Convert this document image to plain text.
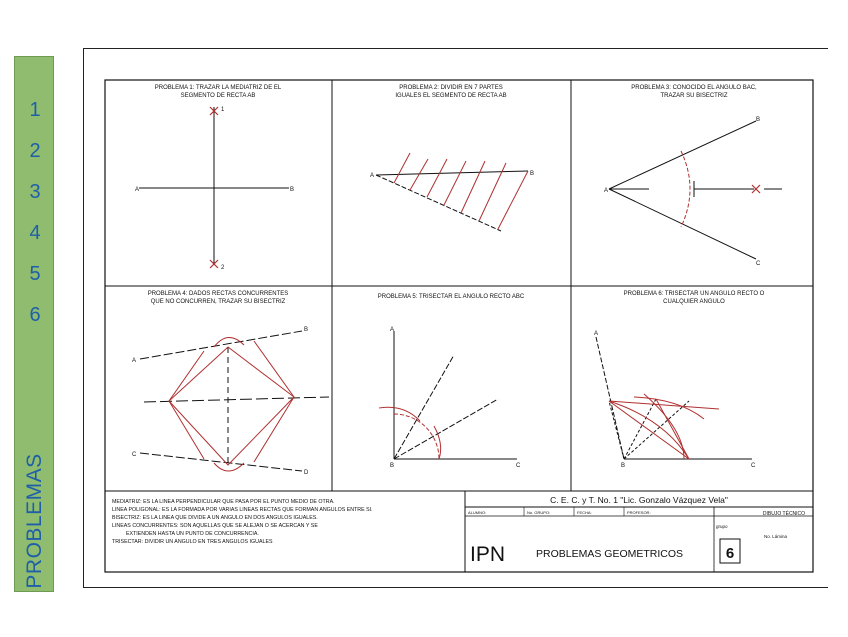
1
2
3
4
5
6
PROBLEMAS
PROBLEMA 1: TRAZAR LA MEDIATRIZ DE EL
SEGMENTO DE RECTA AB
A	B
1
2
PROBLEMA 2: DIVIDIR EN 7 PARTES
IGUALES EL SEGMENTO DE RECTA AB
A	B
PROBLEMA 3: CONOCIDO EL ANGULO BAC,
TRAZAR SU BISECTRIZ
A
B
C
PROBLEMA 4: DADOS RECTAS CONCURRENTES
QUE NO CONCURREN, TRAZAR SU BISECTRIZ
A
B
C
D
PROBLEMA 5: TRISECTAR EL ANGULO RECTO ABC
A
B	C
PROBLEMA 6: TRISECTAR UN ANGULO RECTO O
CUALQUIER ANGULO
A
B	C
MEDIATRIZ: ES LA LINEA PERPENDICULAR QUE PASA POR EL PUNTO MEDIO DE OTRA.
LINEA POLIGONAL: ES LA FORMADA POR VARIAS LINEAS RECTAS QUE FORMAN ANGULOS ENTRE SI.
BISECTRIZ: ES LA LINEA QUE DIVIDE A UN ANGULO EN DOS ANGULOS IGUALES.
LINEAS CONCURRENTES: SON AQUELLAS QUE SE ALEJAN O SE ACERCAN Y SE
EXTIENDEN HASTA UN PUNTO DE CONCURRENCIA.
TRISECTAR: DIVIDIR UN ANGULO EN TRES ANGULOS IGUALES
C. E. C. y T. No. 1 "Lic. Gonzalo Vázquez Vela"
ALUMNO:	No. GRUPO:	FECHA:	PROFESOR:	DIBUJO TÉCNICO
IPN	PROBLEMAS GEOMETRICOS	6
grupo
No. Lámina
